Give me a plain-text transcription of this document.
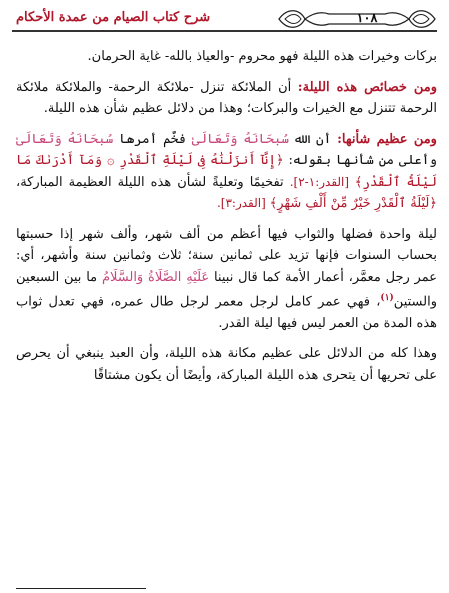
١٠٨
شرح كتاب الصيام من عمدة الأحكام

بركات وخيرات هذه الليلة فهو محروم -والعياذ بالله- غاية الحرمان.

ومن خصائص هذه الليلة: أن الملائكة تنزل -ملائكة الرحمة- والملائكة ملائكة الرحمة تتنزل مع الخيرات والبركات؛ وهذا من دلائل عظيم شأن هذه الليلة.

ومن عظيم شأنها: أن الله سُبحَانَهُ وَتَعَالَىٰ فخَّم أمرها سُبحَانَهُ وَتَعَالَىٰ وأعلى من شأنها بقوله: ﴿إِنَّآ أَنزَلْنَٰهُ فِى لَيْلَةِ ٱلْقَدْرِ ۞ وَمَآ أَدْرَىٰكَ مَا لَيْلَةُ ٱلْقَدْرِ﴾ [القدر:١-٢]. تفخيمًا وتعليةً لشأن هذه الليلة العظيمة المباركة، ﴿لَيْلَةُ ٱلْقَدْرِ خَيْرٌ مِّنْ أَلْفِ شَهْرٍ﴾ [القدر:٣].

ليلة واحدة فضلها والثواب فيها أعظم من ألف شهر، وألف شهر إذا حسبتها بحساب السنوات فإنها تزيد على ثمانين سنة؛ ثلاث وثمانين سنة وأشهر، أي: عمر رجل معمَّر، أعمار الأمة كما قال نبينا عَلَيْهِ الصَّلَاةُ وَالسَّلَامُ ما بين السبعين والستين$^{(١)}$، فهي عمر كامل لرجل معمر لرجل طال عمره، فهي تعدل ثواب هذه المدة من العمر ليس فيها ليلة القدر.

وهذا كله من الدلائل على عظيم مكانة هذه الليلة، وأن العبد ينبغي أن يحرص على تحريها أن يتحرى هذه الليلة المباركة، وأيضًا أن يكون مشتاقًا
